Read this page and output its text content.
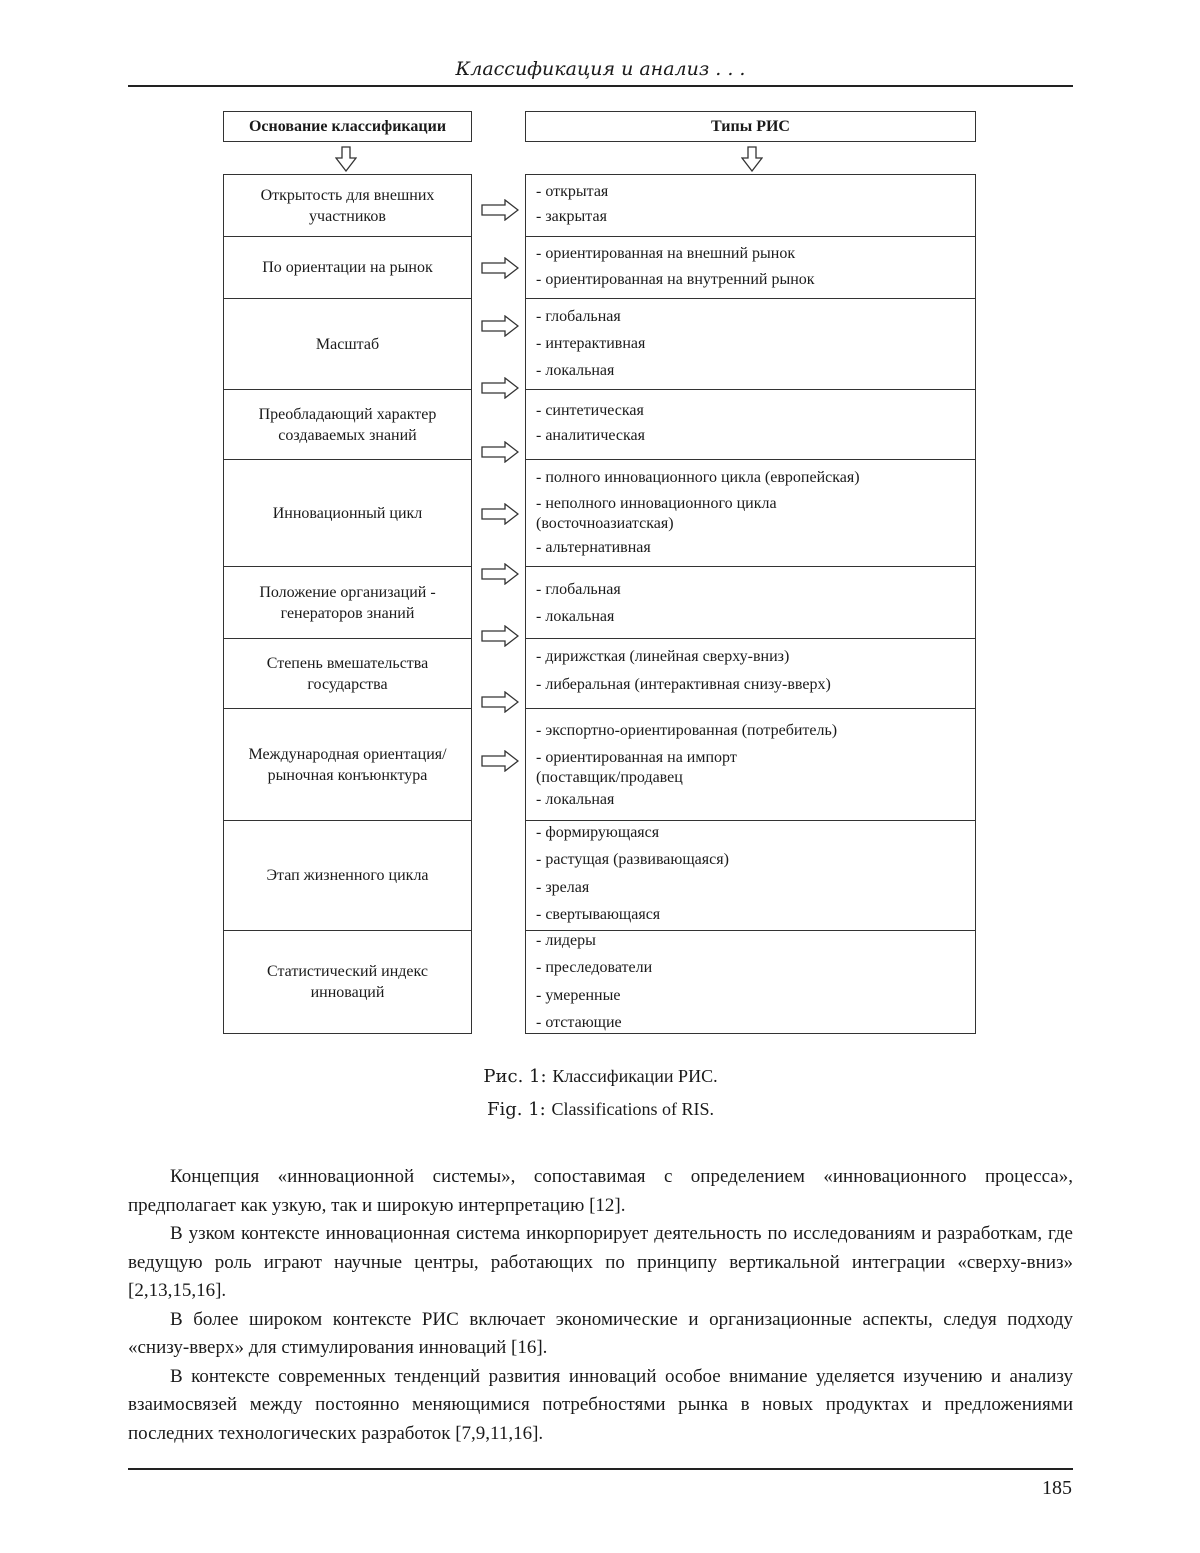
Классификация и анализ . . .
Основание классификации	Типы РИС
Открытость для внешних участников
По ориентации на рынок
Масштаб
Преобладающий характер создаваемых знаний
Инновационный цикл
Положение организаций - генераторов знаний
Степень вмешательства государства
Международная ориентация/ рыночная конъюнктура
Этап жизненного цикла
Статистический индекс инноваций
- открытая
- закрытая
- ориентированная на внешний рынок
- ориентированная на внутренний рынок
- глобальная
- интерактивная
- локальная
- синтетическая
- аналитическая
- полного инновационного цикла (европейская)
- неполного инновационного цикла
(восточноазиатская)
- альтернативная
- глобальная
- локальная
- дирижсткая (линейная сверху-вниз)
- либеральная (интерактивная снизу-вверх)
- экспортно-ориентированная (потребитель)
- ориентированная на импорт
(поставщик/продавец
- локальная
- формирующаяся
- растущая (развивающаяся)
- зрелая
- свертывающаяся
- лидеры
- преследователи
- умеренные
- отстающие
Рис. 1: Классификации РИС.
Fig. 1: Classifications of RIS.

Концепция «инновационной системы», сопоставимая с определением «инновационного процесса», предполагает как узкую, так и широкую интерпретацию [12].

В узком контексте инновационная система инкорпорирует деятельность по исследованиям и разработкам, где ведущую роль играют научные центры, работающих по принципу вертикальной интеграции «сверху-вниз» [2,13,15,16].

В более широком контексте РИС включает экономические и организационные аспекты, следуя подходу «снизу-вверх» для стимулирования инноваций [16].

В контексте современных тенденций развития инноваций особое внимание уделяется изучению и анализу взаимосвязей между постоянно меняющимися потребностями рынка в новых продуктах и предложениями последних технологических разработок [7,9,11,16].

185
